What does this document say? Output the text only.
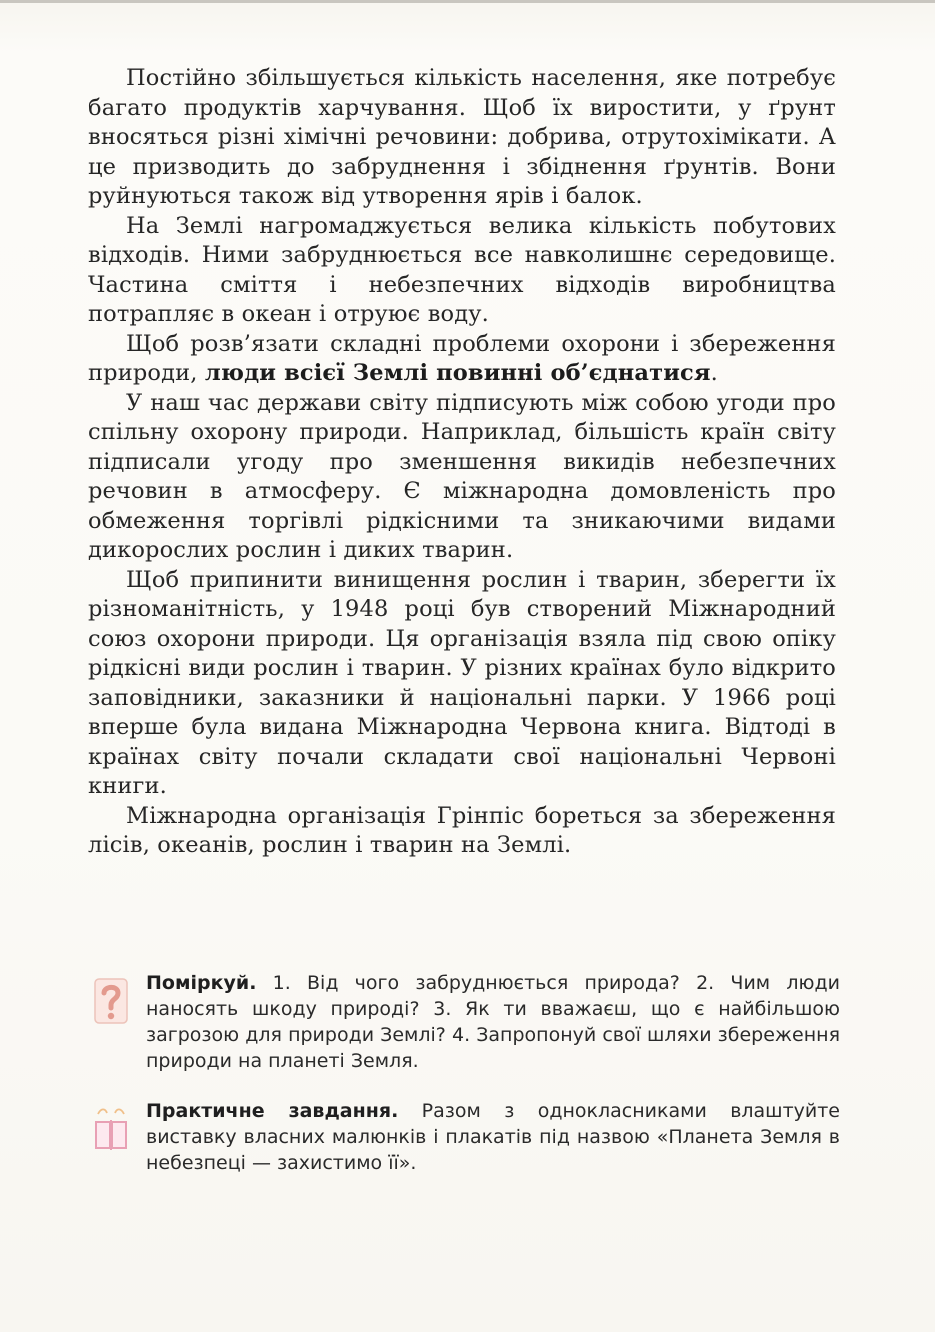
Постійно збільшується кількість населення, яке потребує багато продуктів харчування. Щоб їх виростити, у ґрунт вносяться різні хімічні речовини: добрива, отрутохімікати. А це призводить до забруднення і збіднення ґрунтів. Вони руйнуються також від утворення ярів і балок.

На Землі нагромаджується велика кількість побутових відходів. Ними забруднюється все навколишнє середовище. Частина сміття і небезпечних відходів виробництва потрапляє в океан і отруює воду.

Щоб розв’язати складні проблеми охорони і збереження природи, люди всієї Землі повинні об’єднатися.

У наш час держави світу підписують між собою угоди про спільну охорону природи. Наприклад, більшість країн світу підписали угоду про зменшення викидів небезпечних речовин в атмосферу. Є міжнародна домовленість про обмеження торгівлі рідкісними та зникаючими видами дикорослих рослин і диких тварин.

Щоб припинити винищення рослин і тварин, зберегти їх різноманітність, у 1948 році був створений Міжнародний союз охорони природи. Ця організація взяла під свою опіку рідкісні види рослин і тварин. У різних країнах було відкрито заповідники, заказники й національні парки. У 1966 році вперше була видана Міжнародна Червона книга. Відтоді в країнах світу почали складати свої національні Червоні книги.

Міжнародна організація Грінпіс бореться за збереження лісів, океанів, рослин і тварин на Землі.

Поміркуй. 1. Від чого забруднюється природа? 2. Чим люди наносять шкоду природі? 3. Як ти вважаєш, що є найбільшою загрозою для природи Землі? 4. Запропонуй свої шляхи збереження природи на планеті Земля.
Практичне завдання. Разом з однокласниками влаштуйте виставку власних малюнків і плакатів під назвою «Планета Земля в небезпеці — захистимо її».
